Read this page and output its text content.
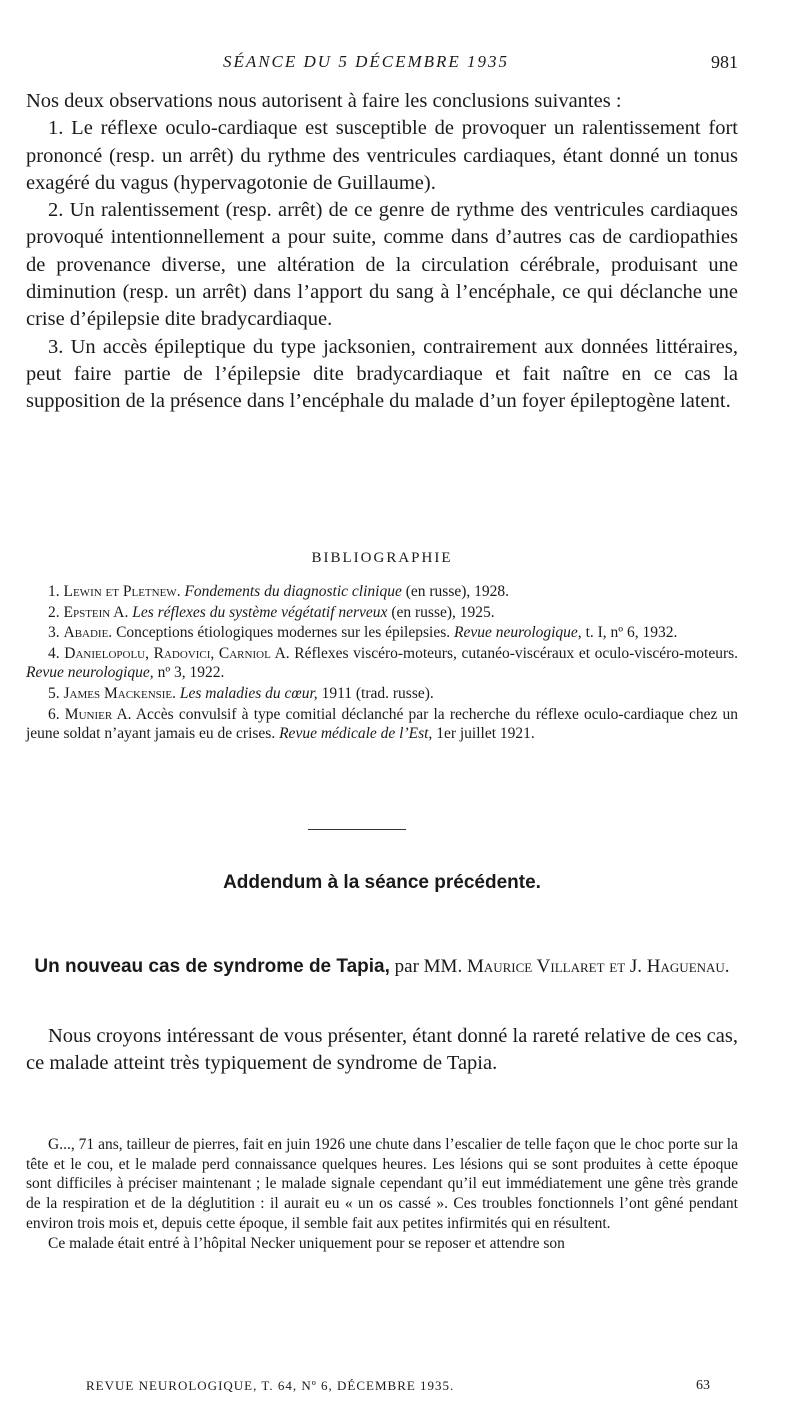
SÉANCE DU 5 DÉCEMBRE 1935	981

Nos deux observations nous autorisent à faire les conclusions suivantes :

1. Le réflexe oculo-cardiaque est susceptible de provoquer un ralentissement fort prononcé (resp. un arrêt) du rythme des ventricules cardiaques, étant donné un tonus exagéré du vagus (hypervagotonie de Guillaume).

2. Un ralentissement (resp. arrêt) de ce genre de rythme des ventricules cardiaques provoqué intentionnellement a pour suite, comme dans d’autres cas de cardiopathies de provenance diverse, une altération de la circulation cérébrale, produisant une diminution (resp. un arrêt) dans l’apport du sang à l’encéphale, ce qui déclanche une crise d’épilepsie dite bradycardiaque.

3. Un accès épileptique du type jacksonien, contrairement aux données littéraires, peut faire partie de l’épilepsie dite bradycardiaque et fait naître en ce cas la supposition de la présence dans l’encéphale du malade d’un foyer épileptogène latent.

BIBLIOGRAPHIE

1. Lewin et Pletnew. Fondements du diagnostic clinique (en russe), 1928.

2. Epstein A. Les réflexes du système végétatif nerveux (en russe), 1925.

3. Abadie. Conceptions étiologiques modernes sur les épilepsies. Revue neurologique, t. I, nº 6, 1932.

4. Danielopolu, Radovici, Carniol A. Réflexes viscéro-moteurs, cutanéo-viscéraux et oculo-viscéro-moteurs. Revue neurologique, nº 3, 1922.

5. James Mackensie. Les maladies du cœur, 1911 (trad. russe).

6. Munier A. Accès convulsif à type comitial déclanché par la recherche du réflexe oculo-cardiaque chez un jeune soldat n’ayant jamais eu de crises. Revue médicale de l’Est, 1er juillet 1921.

Addendum à la séance précédente.
Un nouveau cas de syndrome de Tapia, par MM. Maurice Villaret et J. Haguenau.

Nous croyons intéressant de vous présenter, étant donné la rareté relative de ces cas, ce malade atteint très typiquement de syndrome de Tapia.

G..., 71 ans, tailleur de pierres, fait en juin 1926 une chute dans l’escalier de telle façon que le choc porte sur la tête et le cou, et le malade perd connaissance quelques heures. Les lésions qui se sont produites à cette époque sont difficiles à préciser maintenant ; le malade signale cependant qu’il eut immédiatement une gêne très grande de la respiration et de la déglutition : il aurait eu « un os cassé ». Ces troubles fonctionnels l’ont gêné pendant environ trois mois et, depuis cette époque, il semble fait aux petites infirmités qui en résultent.

Ce malade était entré à l’hôpital Necker uniquement pour se reposer et attendre son

REVUE NEUROLOGIQUE, T. 64, Nº 6, DÉCEMBRE 1935.	63
